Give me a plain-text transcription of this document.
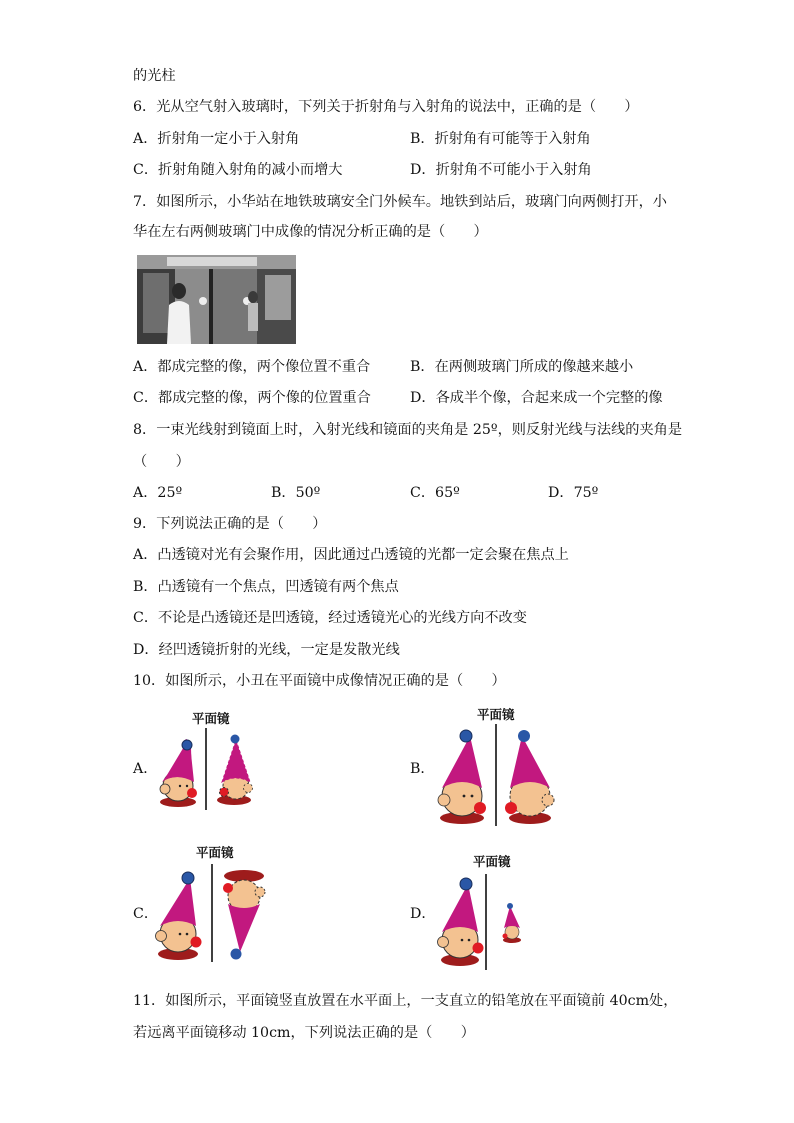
的光柱
6．光从空气射入玻璃时，下列关于折射角与入射角的说法中，正确的是（　　）
A．折射角一定小于入射角	B．折射角有可能等于入射角
C．折射角随入射角的减小而增大	D．折射角不可能小于入射角
7．如图所示，小华站在地铁玻璃安全门外候车。地铁到站后，玻璃门向两侧打开，小
华在左右两侧玻璃门中成像的情况分析正确的是（　　）
A．都成完整的像，两个像位置不重合	B．在两侧玻璃门所成的像越来越小
C．都成完整的像，两个像的位置重合	D．各成半个像，合起来成一个完整的像
8．一束光线射到镜面上时，入射光线和镜面的夹角是 25º，则反射光线与法线的夹角是
（　　）
A．25º	B．50º	C．65º	D．75º
9．下列说法正确的是（　　）
A．凸透镜对光有会聚作用，因此通过凸透镜的光都一定会聚在焦点上
B．凸透镜有一个焦点，凹透镜有两个焦点
C．不论是凸透镜还是凹透镜，经过透镜光心的光线方向不改变
D．经凹透镜折射的光线，一定是发散光线
10．如图所示，小丑在平面镜中成像情况正确的是（　　）
A．	B．
C．	D．
平面镜	平面镜
平面镜
平面镜
11．如图所示，平面镜竖直放置在水平面上，一支直立的铅笔放在平面镜前 40cm处，
若远离平面镜移动 10cm，下列说法正确的是（　　）
